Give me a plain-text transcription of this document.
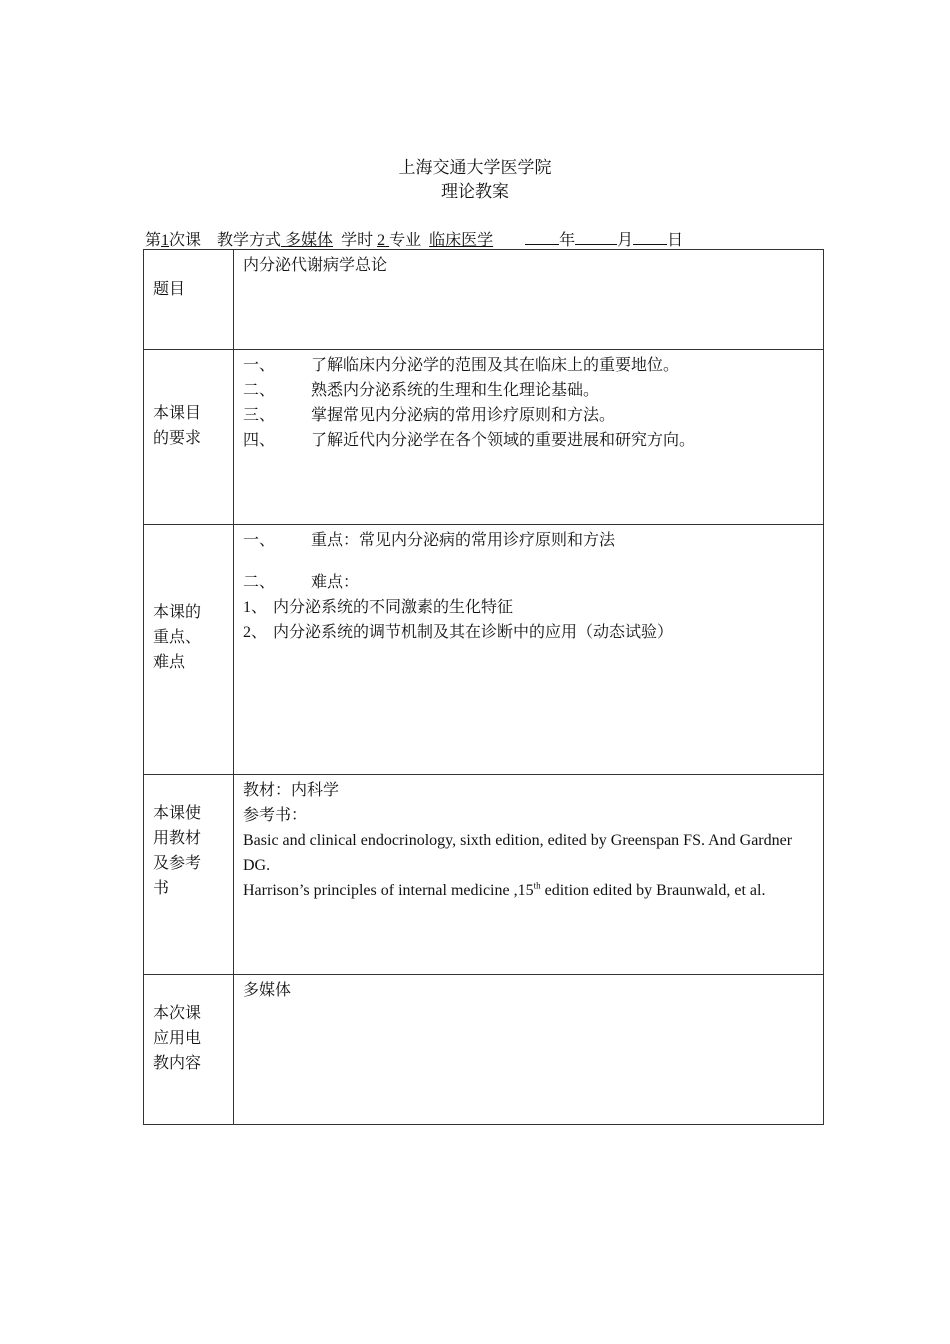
上海交通大学医学院
理论教案
第1次课 教学方式 多媒体 学时 2 专业 临床医学	年	月 日
题目	内分泌代谢病学总论

本课目的要求	一、 了解临床内分泌学的范围及其在临床上的重要地位。
二、 熟悉内分泌系统的生理和生化理论基础。
三、 掌握常见内分泌病的常用诊疗原则和方法。
四、 了解近代内分泌学在各个领域的重要进展和研究方向。

本课的重点、难点	一、 重点：常见内分泌病的常用诊疗原则和方法
二、 难点：
1、 内分泌系统的不同激素的生化特征
2、 内分泌系统的调节机制及其在诊断中的应用（动态试验）

本课使用教材及参考书	教材：内科学
参考书：
Basic and clinical endocrinology, sixth edition, edited by Greenspan FS. And Gardner DG.
Harrison’s principles of internal medicine ,15th edition edited by Braunwald, et al.

本次课应用电教内容	多媒体
